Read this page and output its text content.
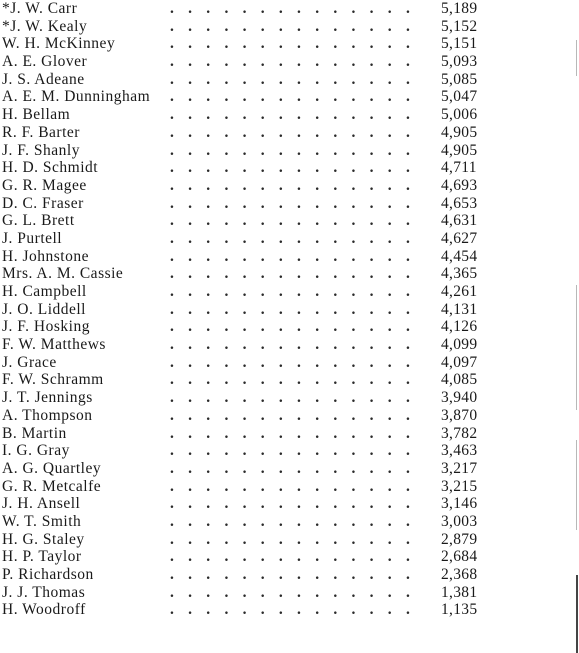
. . .
*J. W. Carr	5,189
. . .
*J. W. Kealy	5,152
. . .
W. H. McKinney	5,151
. . .
A. E. Glover	5,093
. . .
J. S. Adeane	5,085
. . .
A. E. M. Dunningham	5,047
. . .
H. Bellam	5,006
. . .
R. F. Barter	4,905
. . .
J. F. Shanly	4,905
. . .
H. D. Schmidt	4,711
. . .
G. R. Magee	4,693
. . .
D. C. Fraser	4,653
. . .
G. L. Brett	4,631
. . .
J. Purtell	4,627
. . .
H. Johnstone	4,454
. . .
Mrs. A. M. Cassie	4,365
. . .
H. Campbell	4,261
. . .
J. O. Liddell	4,131
. . .
J. F. Hosking	4,126
. . .
F. W. Matthews	4,099
. . .
J. Grace	4,097
. . .
F. W. Schramm	4,085
. . .
J. T. Jennings	3,940
. . .
A. Thompson	3,870
. . .
B. Martin	3,782
. . .
I. G. Gray	3,463
. . .
A. G. Quartley	3,217
. . .
G. R. Metcalfe	3,215
. . .
J. H. Ansell	3,146
. . .
W. T. Smith	3,003
. . .
H. G. Staley	2,879
. . .
H. P. Taylor	2,684
. . .
P. Richardson	2,368
. . .
J. J. Thomas	1,381
. . .
H. Woodroff	1,135
